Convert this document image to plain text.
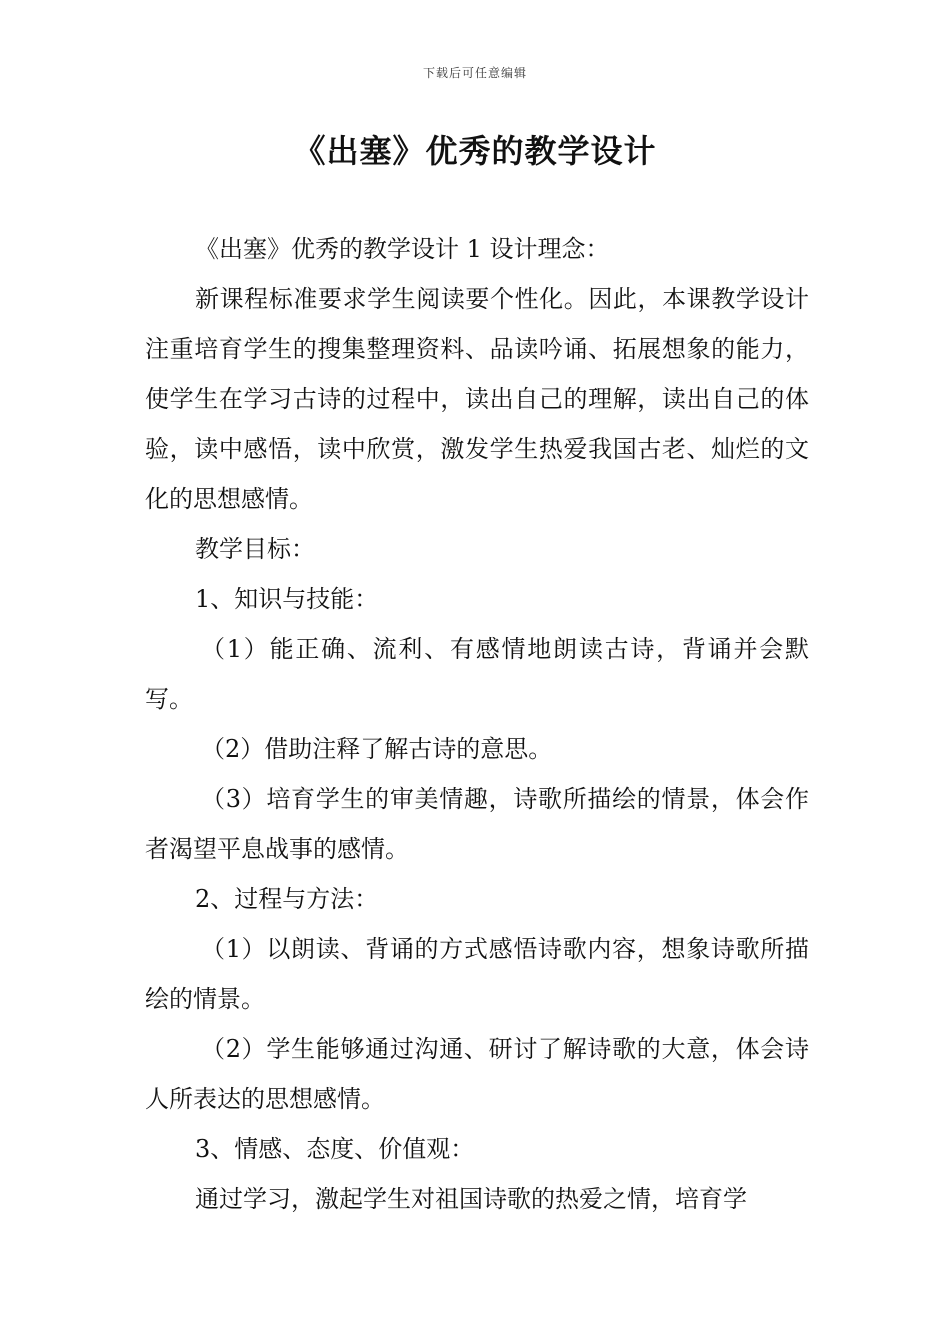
下载后可任意编辑
《出塞》优秀的教学设计

《出塞》优秀的教学设计 1 设计理念：

新课程标准要求学生阅读要个性化。因此，本课教学设计注重培育学生的搜集整理资料、品读吟诵、拓展想象的能力，使学生在学习古诗的过程中，读出自己的理解，读出自己的体验，读中感悟，读中欣赏，激发学生热爱我国古老、灿烂的文化的思想感情。

教学目标：

1、知识与技能：

（1）能正确、流利、有感情地朗读古诗，背诵并会默写。

（2）借助注释了解古诗的意思。

（3）培育学生的审美情趣，诗歌所描绘的情景，体会作者渴望平息战事的感情。

2、过程与方法：

（1）以朗读、背诵的方式感悟诗歌内容，想象诗歌所描绘的情景。

（2）学生能够通过沟通、研讨了解诗歌的大意，体会诗人所表达的思想感情。

3、情感、态度、价值观：

通过学习，激起学生对祖国诗歌的热爱之情，培育学
